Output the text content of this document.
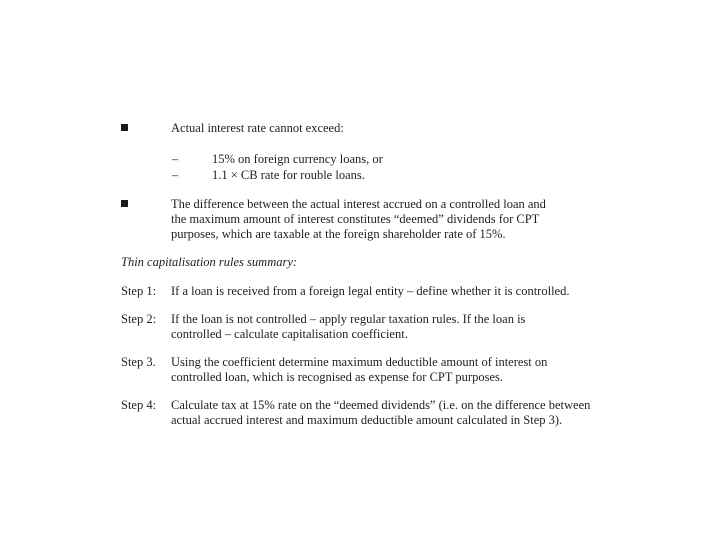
Actual interest rate cannot exceed:
–	15% on foreign currency loans, or
–	1.1 × CB rate for rouble loans.
The difference between the actual interest accrued on a controlled loan and
the maximum amount of interest constitutes “deemed” dividends for CPT
purposes, which are taxable at the foreign shareholder rate of 15%.
Thin capitalisation rules summary:
Step 1: If a loan is received from a foreign legal entity – define whether it is controlled.
Step 2: If the loan is not controlled – apply regular taxation rules. If the loan is
controlled – calculate capitalisation coefficient.
Step 3. Using the coefficient determine maximum deductible amount of interest on
controlled loan, which is recognised as expense for CPT purposes.
Step 4: Calculate tax at 15% rate on the “deemed dividends” (i.e. on the difference between
actual accrued interest and maximum deductible amount calculated in Step 3).
